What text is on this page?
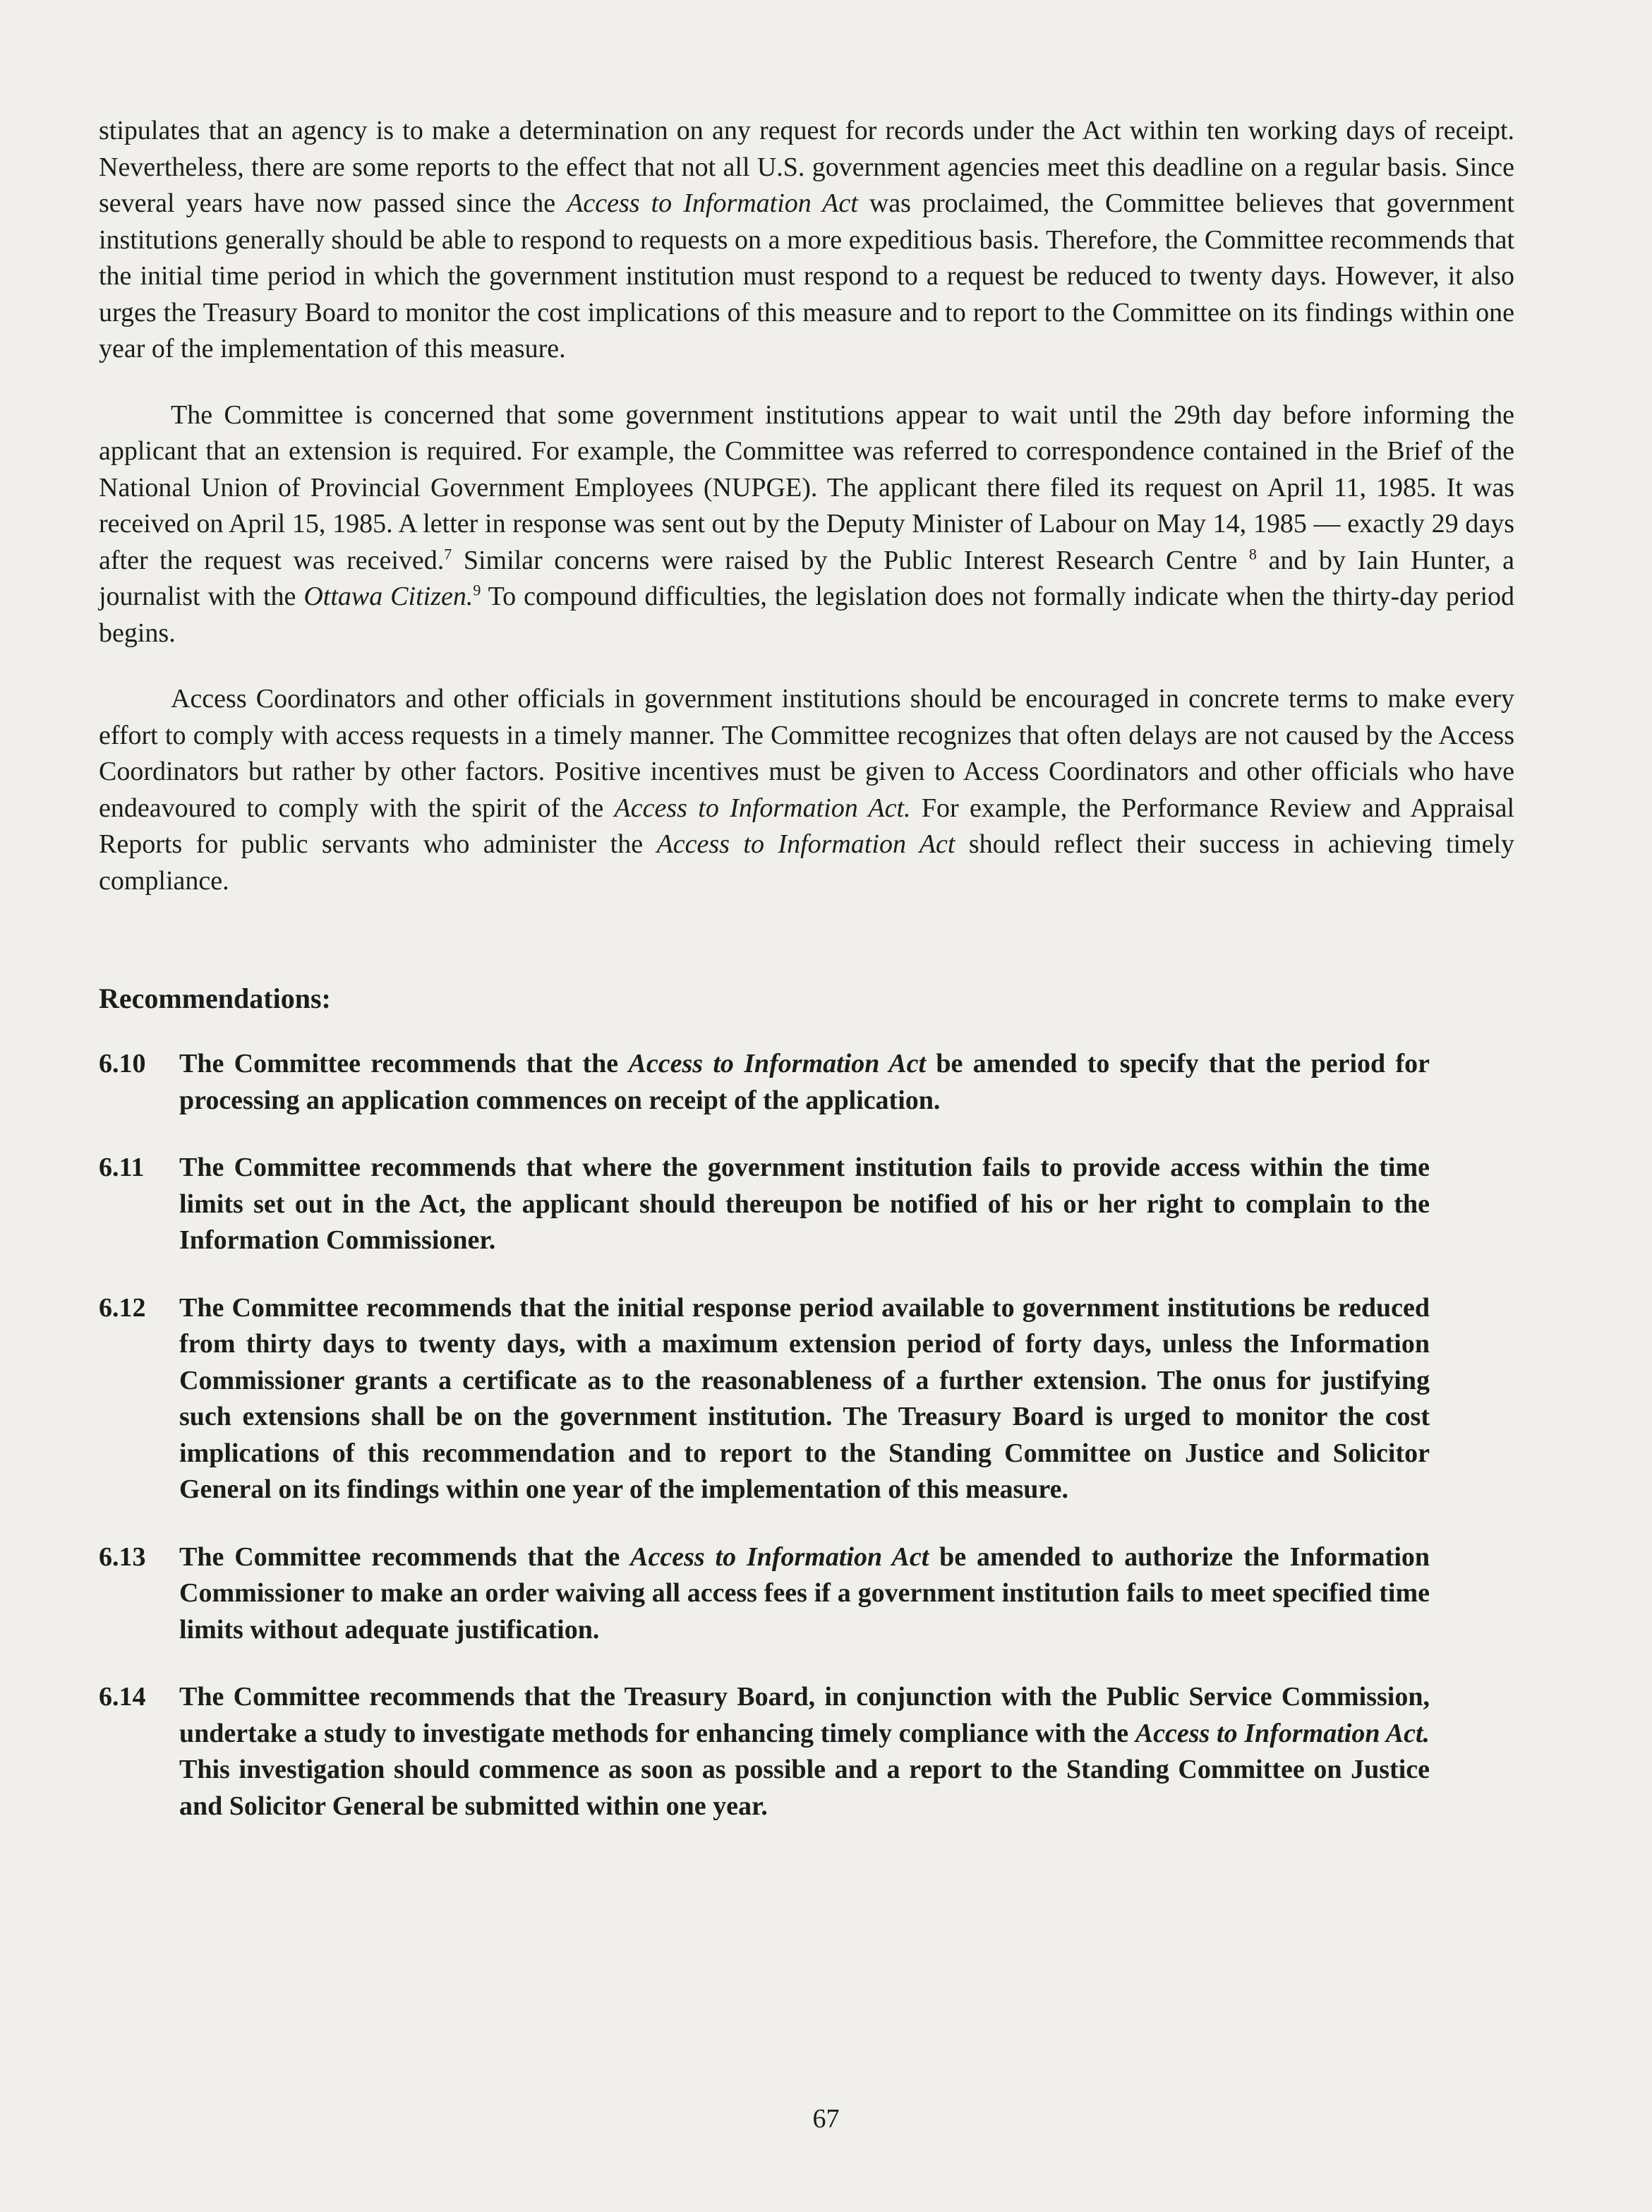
stipulates that an agency is to make a determination on any request for records under the Act within ten working days of receipt. Nevertheless, there are some reports to the effect that not all U.S. government agencies meet this deadline on a regular basis. Since several years have now passed since the Access to Information Act was proclaimed, the Committee believes that government institutions generally should be able to respond to requests on a more expeditious basis. Therefore, the Committee recommends that the initial time period in which the government institution must respond to a request be reduced to twenty days. However, it also urges the Treasury Board to monitor the cost implications of this measure and to report to the Committee on its findings within one year of the implementation of this measure.

The Committee is concerned that some government institutions appear to wait until the 29th day before informing the applicant that an extension is required. For example, the Committee was referred to correspondence contained in the Brief of the National Union of Provincial Government Employees (NUPGE). The applicant there filed its request on April 11, 1985. It was received on April 15, 1985. A letter in response was sent out by the Deputy Minister of Labour on May 14, 1985 — exactly 29 days after the request was received.$^7$ Similar concerns were raised by the Public Interest Research Centre $^8$ and by Iain Hunter, a journalist with the Ottawa Citizen.$^9$ To compound difficulties, the legislation does not formally indicate when the thirty-day period begins.

Access Coordinators and other officials in government institutions should be encouraged in concrete terms to make every effort to comply with access requests in a timely manner. The Committee recognizes that often delays are not caused by the Access Coordinators but rather by other factors. Positive incentives must be given to Access Coordinators and other officials who have endeavoured to comply with the spirit of the Access to Information Act. For example, the Performance Review and Appraisal Reports for public servants who administer the Access to Information Act should reflect their success in achieving timely compliance.

Recommendations:
6.10	The Committee recommends that the Access to Information Act be amended to specify that the period for processing an application commences on receipt of the application.
6.11	The Committee recommends that where the government institution fails to provide access within the time limits set out in the Act, the applicant should thereupon be notified of his or her right to complain to the Information Commissioner.
6.12	The Committee recommends that the initial response period available to government institutions be reduced from thirty days to twenty days, with a maximum extension period of forty days, unless the Information Commissioner grants a certificate as to the reasonableness of a further extension. The onus for justifying such extensions shall be on the government institution. The Treasury Board is urged to monitor the cost implications of this recommendation and to report to the Standing Committee on Justice and Solicitor General on its findings within one year of the implementation of this measure.
6.13	The Committee recommends that the Access to Information Act be amended to authorize the Information Commissioner to make an order waiving all access fees if a government institution fails to meet specified time limits without adequate justification.
6.14	The Committee recommends that the Treasury Board, in conjunction with the Public Service Commission, undertake a study to investigate methods for enhancing timely compliance with the Access to Information Act. This investigation should commence as soon as possible and a report to the Standing Committee on Justice and Solicitor General be submitted within one year.
67
